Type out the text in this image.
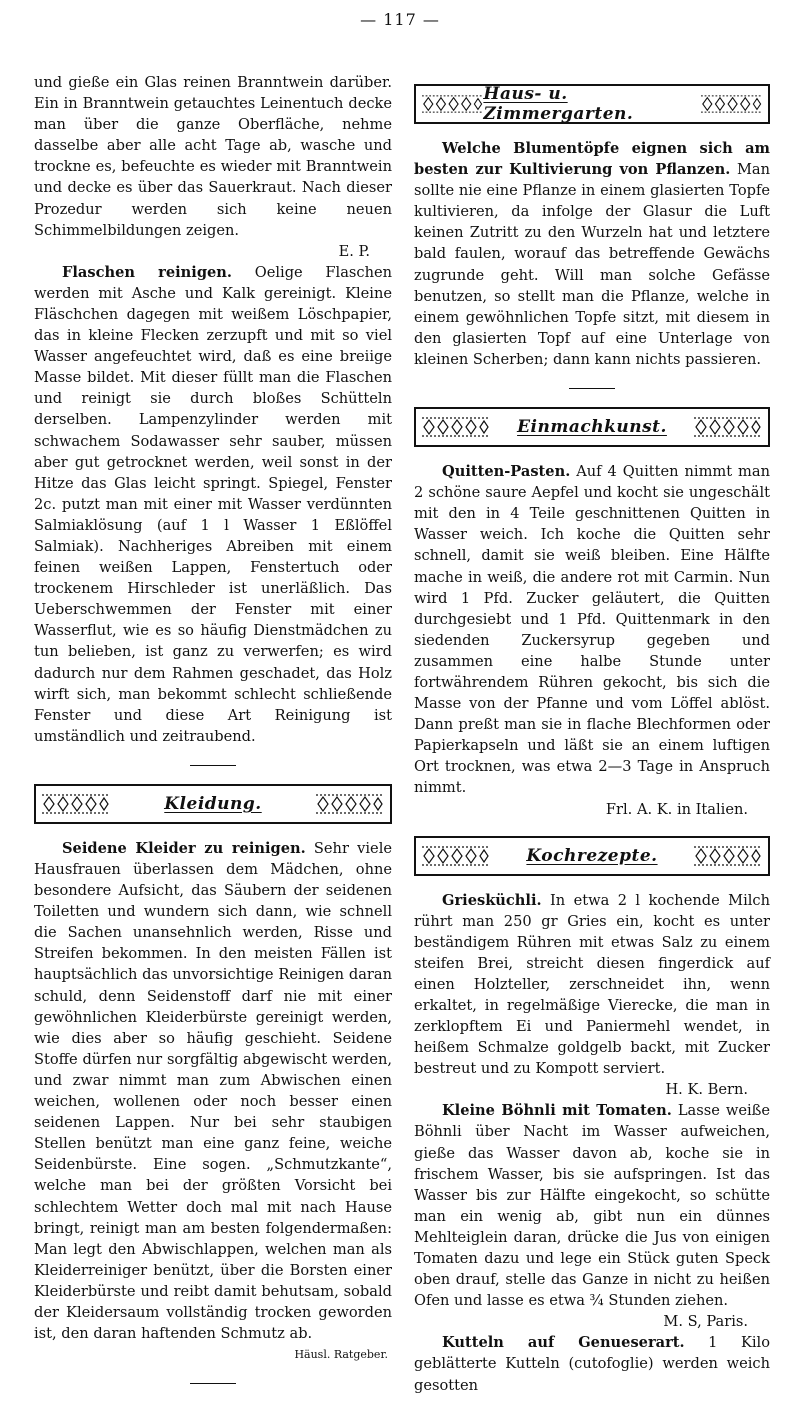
— 117 —

und gieße ein Glas reinen Branntwein darüber. Ein in Branntwein getauchtes Leinentuch decke man über die ganze Oberfläche, nehme dasselbe aber alle acht Tage ab, wasche und trockne es, befeuchte es wieder mit Branntwein und decke es über das Sauerkraut. Nach dieser Prozedur werden sich keine neuen Schimmelbildungen zeigen.

E. P.

Flaschen reinigen. Oelige Flaschen werden mit Asche und Kalk gereinigt. Kleine Fläschchen dagegen mit weißem Löschpapier, das in kleine Flecken zerzupft und mit so viel Wasser angefeuchtet wird, daß es eine breiige Masse bildet. Mit dieser füllt man die Flaschen und reinigt sie durch bloßes Schütteln derselben. Lampenzylinder werden mit schwachem Sodawasser sehr sauber, müssen aber gut getrocknet werden, weil sonst in der Hitze das Glas leicht springt. Spiegel, Fenster 2c. putzt man mit einer mit Wasser verdünnten Salmiaklösung (auf 1 l Wasser 1 Eßlöffel Salmiak). Nachheriges Abreiben mit einem feinen weißen Lappen, Fenstertuch oder trockenem Hirschleder ist unerläßlich. Das Ueberschwemmen der Fenster mit einer Wasserflut, wie es so häufig Dienstmädchen zu tun belieben, ist ganz zu verwerfen; es wird dadurch nur dem Rahmen geschadet, das Holz wirft sich, man bekommt schlecht schließende Fenster und diese Art Reinigung ist umständlich und zeitraubend.

Kleidung.

Seidene Kleider zu reinigen. Sehr viele Hausfrauen überlassen dem Mädchen, ohne besondere Aufsicht, das Säubern der seidenen Toiletten und wundern sich dann, wie schnell die Sachen unansehnlich werden, Risse und Streifen bekommen. In den meisten Fällen ist hauptsächlich das unvorsichtige Reinigen daran schuld, denn Seidenstoff darf nie mit einer gewöhnlichen Kleiderbürste gereinigt werden, wie dies aber so häufig geschieht. Seidene Stoffe dürfen nur sorgfältig abgewischt werden, und zwar nimmt man zum Abwischen einen weichen, wollenen oder noch besser einen seidenen Lappen. Nur bei sehr staubigen Stellen benützt man eine ganz feine, weiche Seidenbürste. Eine sogen. „Schmutzkante“, welche man bei der größten Vorsicht bei schlechtem Wetter doch mal mit nach Hause bringt, reinigt man am besten folgendermaßen: Man legt den Abwischlappen, welchen man als Kleiderreiniger benützt, über die Borsten einer Kleiderbürste und reibt damit behutsam, sobald der Kleidersaum vollständig trocken geworden ist, den daran haftenden Schmutz ab.

Häusl. Ratgeber.
Haus- u. Zimmergarten.

Welche Blumentöpfe eignen sich am besten zur Kultivierung von Pflanzen. Man sollte nie eine Pflanze in einem glasierten Topfe kultivieren, da infolge der Glasur die Luft keinen Zutritt zu den Wurzeln hat und letztere bald faulen, worauf das betreffende Gewächs zugrunde geht. Will man solche Gefässe benutzen, so stellt man die Pflanze, welche in einem gewöhnlichen Topfe sitzt, mit diesem in den glasierten Topf auf eine Unterlage von kleinen Scherben; dann kann nichts passieren.

Einmachkunst.

Quitten-Pasten. Auf 4 Quitten nimmt man 2 schöne saure Aepfel und kocht sie ungeschält mit den in 4 Teile geschnittenen Quitten in Wasser weich. Ich koche die Quitten sehr schnell, damit sie weiß bleiben. Eine Hälfte mache in weiß, die andere rot mit Carmin. Nun wird 1 Pfd. Zucker geläutert, die Quitten durchgesiebt und 1 Pfd. Quittenmark in den siedenden Zuckersyrup gegeben und zusammen eine halbe Stunde unter fortwährendem Rühren gekocht, bis sich die Masse von der Pfanne und vom Löffel ablöst. Dann preßt man sie in flache Blechformen oder Papierkapseln und läßt sie an einem luftigen Ort trocknen, was etwa 2—3 Tage in Anspruch nimmt.

Frl. A. K. in Italien.
Kochrezepte.

Griesküchli. In etwa 2 l kochende Milch rührt man 250 gr Gries ein, kocht es unter beständigem Rühren mit etwas Salz zu einem steifen Brei, streicht diesen fingerdick auf einen Holzteller, zerschneidet ihn, wenn erkaltet, in regelmäßige Vierecke, die man in zerklopftem Ei und Paniermehl wendet, in heißem Schmalze goldgelb backt, mit Zucker bestreut und zu Kompott serviert.

H. K. Bern.

Kleine Böhnli mit Tomaten. Lasse weiße Böhnli über Nacht im Wasser aufweichen, gieße das Wasser davon ab, koche sie in frischem Wasser, bis sie aufspringen. Ist das Wasser bis zur Hälfte eingekocht, so schütte man ein wenig ab, gibt nun ein dünnes Mehlteiglein daran, drücke die Jus von einigen Tomaten dazu und lege ein Stück guten Speck oben drauf, stelle das Ganze in nicht zu heißen Ofen und lasse es etwa ¾ Stunden ziehen.

M. S, Paris.

Kutteln auf Genueserart. 1 Kilo geblätterte Kutteln (cutofoglie) werden weich gesotten
